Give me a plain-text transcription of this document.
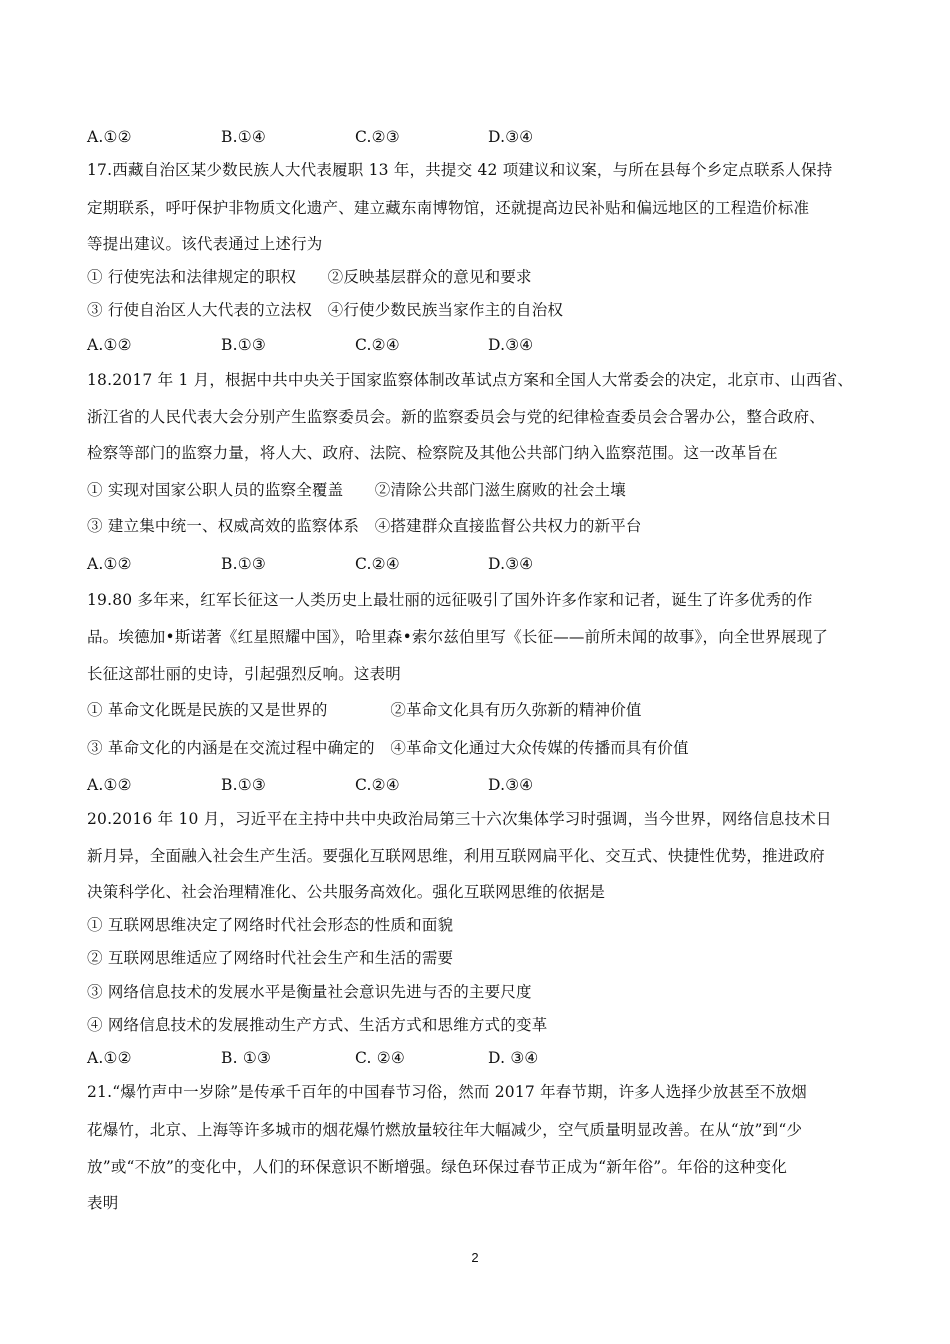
A.①②	B.①④	C.②③	D.③④
17.西藏自治区某少数民族人大代表履职 13 年，共提交 42 项建议和议案，与所在县每个乡定点联系人保持
定期联系，呼吁保护非物质文化遗产、建立藏东南博物馆，还就提高边民补贴和偏远地区的工程造价标准
等提出建议。该代表通过上述行为
① 行使宪法和法律规定的职权　　②反映基层群众的意见和要求
③ 行使自治区人大代表的立法权　④行使少数民族当家作主的自治权
A.①②	B.①③	C.②④	D.③④
18.2017 年 1 月，根据中共中央关于国家监察体制改革试点方案和全国人大常委会的决定，北京市、山西省、
浙江省的人民代表大会分别产生监察委员会。新的监察委员会与党的纪律检查委员会合署办公，整合政府、
检察等部门的监察力量，将人大、政府、法院、检察院及其他公共部门纳入监察范围。这一改革旨在
① 实现对国家公职人员的监察全覆盖　　②清除公共部门滋生腐败的社会土壤
③ 建立集中统一、权威高效的监察体系　④搭建群众直接监督公共权力的新平台
A.①②	B.①③	C.②④	D.③④
19.80 多年来，红军长征这一人类历史上最壮丽的远征吸引了国外许多作家和记者，诞生了许多优秀的作
品。埃德加•斯诺著《红星照耀中国》，哈里森•索尔兹伯里写《长征——前所未闻的故事》，向全世界展现了
长征这部壮丽的史诗，引起强烈反响。这表明
① 革命文化既是民族的又是世界的　　　　②革命文化具有历久弥新的精神价值
③ 革命文化的内涵是在交流过程中确定的　④革命文化通过大众传媒的传播而具有价值
A.①②	B.①③	C.②④	D.③④
20.2016 年 10 月，习近平在主持中共中央政治局第三十六次集体学习时强调，当今世界，网络信息技术日
新月异，全面融入社会生产生活。要强化互联网思维，利用互联网扁平化、交互式、快捷性优势，推进政府
决策科学化、社会治理精准化、公共服务高效化。强化互联网思维的依据是
① 互联网思维决定了网络时代社会形态的性质和面貌
② 互联网思维适应了网络时代社会生产和生活的需要
③ 网络信息技术的发展水平是衡量社会意识先进与否的主要尺度
④ 网络信息技术的发展推动生产方式、生活方式和思维方式的变革
A.①②	B. ①③	C. ②④	D. ③④
21.“爆竹声中一岁除”是传承千百年的中国春节习俗，然而 2017 年春节期，许多人选择少放甚至不放烟
花爆竹，北京、上海等许多城市的烟花爆竹燃放量较往年大幅减少，空气质量明显改善。在从“放”到“少
放”或“不放”的变化中，人们的环保意识不断增强。绿色环保过春节正成为“新年俗”。年俗的这种变化
表明
2
